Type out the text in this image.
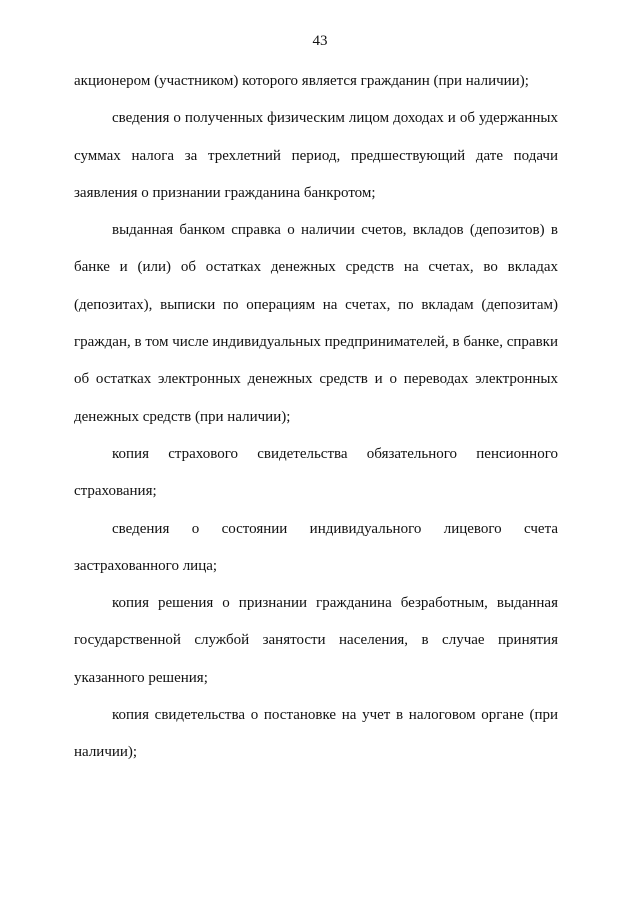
43
акционером (участником) которого является гражданин (при наличии);
сведения о полученных физическим лицом доходах и об удержанных
суммах налога за трехлетний период, предшествующий дате подачи
заявления о признании гражданина банкротом;
выданная банком справка о наличии счетов, вкладов (депозитов) в
банке и (или) об остатках денежных средств на счетах, во вкладах
(депозитах), выписки по операциям на счетах, по вкладам (депозитам)
граждан, в том числе индивидуальных предпринимателей, в банке, справки
об остатках электронных денежных средств и о переводах электронных
денежных средств (при наличии);
копия страхового свидетельства обязательного пенсионного
страхования;
сведения о состоянии индивидуального лицевого счета
застрахованного лица;
копия решения о признании гражданина безработным, выданная
государственной службой занятости населения, в случае принятия
указанного решения;
копия свидетельства о постановке на учет в налоговом органе (при
наличии);
